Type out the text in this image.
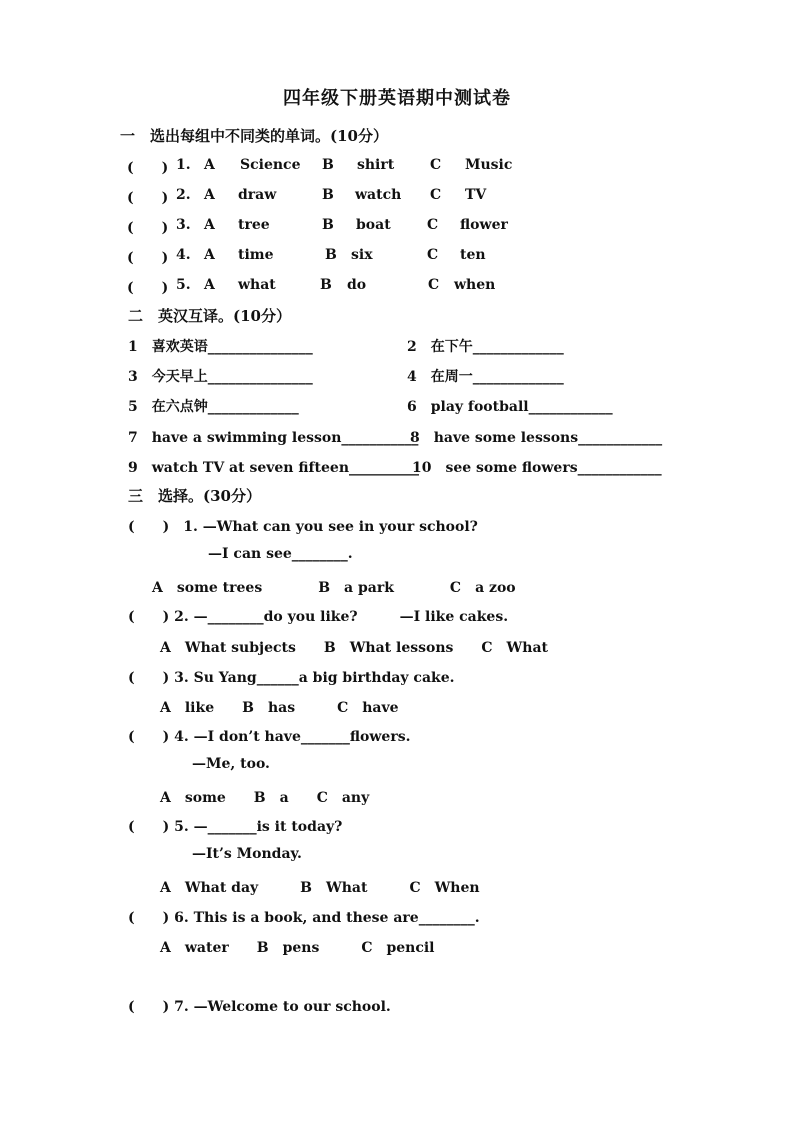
四年级下册英语期中测试卷
一　选出每组中不同类的单词。(10分）
(　　) 1. A Science B shirt	C Music
(　　) 2. A draw	B watch C TV
(　　) 3. A tree	B boat	C flower
(　　) 4. A time	B six	C ten
(　　) 5. A what	B do	C when
二　英汉互译。(10分）
1　喜欢英语_______________	2　在下午_____________
3　今天早上_______________	4　在周一_____________
5　在六点钟_____________	6　play football____________
7　have a swimming lesson___________
8　have some lessons____________
9　watch TV at seven fifteen__________
10　see some flowers____________
三　选择。(30分）
(　　)　1. —What can you see in your school?
—I can see________.
A　some trees　　　　B　a park　　　　C　a zoo
(　　) 2. —________do you like?　　　—I like cakes.
A　What subjects　　B　What lessons　　C　What
(　　) 3. Su Yang______a big birthday cake.
A　like　　B　has　　　C　have
(　　) 4. —I don’t have_______flowers.
—Me, too.
A　some　　B　a　　C　any
(　　) 5. —_______is it today?
—It’s Monday.
A　What day　　　B　What　　　C　When
(　　) 6. This is a book, and these are________.
A　water　　B　pens　　　C　pencil
(　　) 7. —Welcome to our school.
